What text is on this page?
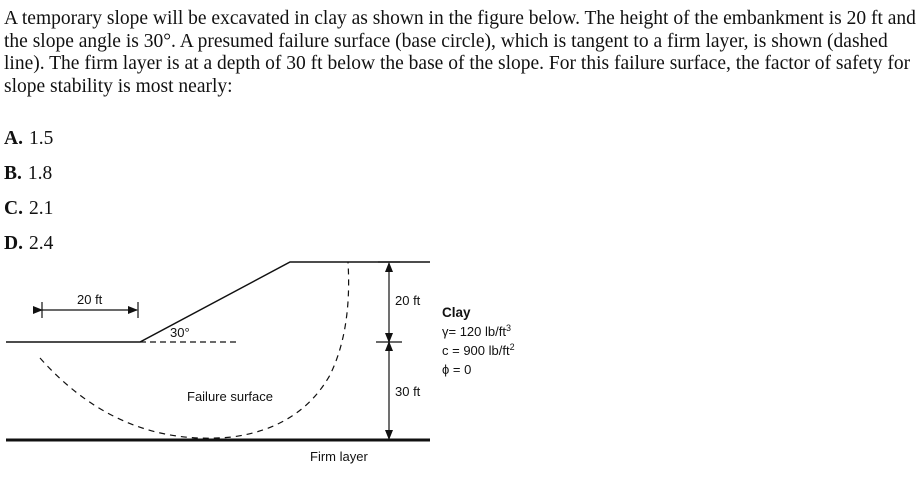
A temporary slope will be excavated in clay as shown in the figure below. The height of the embankment is 20 ft and the slope angle is 30°. A presumed failure surface (base circle), which is tangent to a firm layer, is shown (dashed line). The firm layer is at a depth of 30 ft below the base of the slope. For this failure surface, the factor of safety for slope stability is most nearly:

A. 1.5
B. 1.8
C. 2.1
D. 2.4
20 ft
30°
20 ft
30 ft
Failure surface
Firm layer
Clay
γ= 120 $lb/ft^3$
c = 900 $lb/ft^2$
ϕ = 0
